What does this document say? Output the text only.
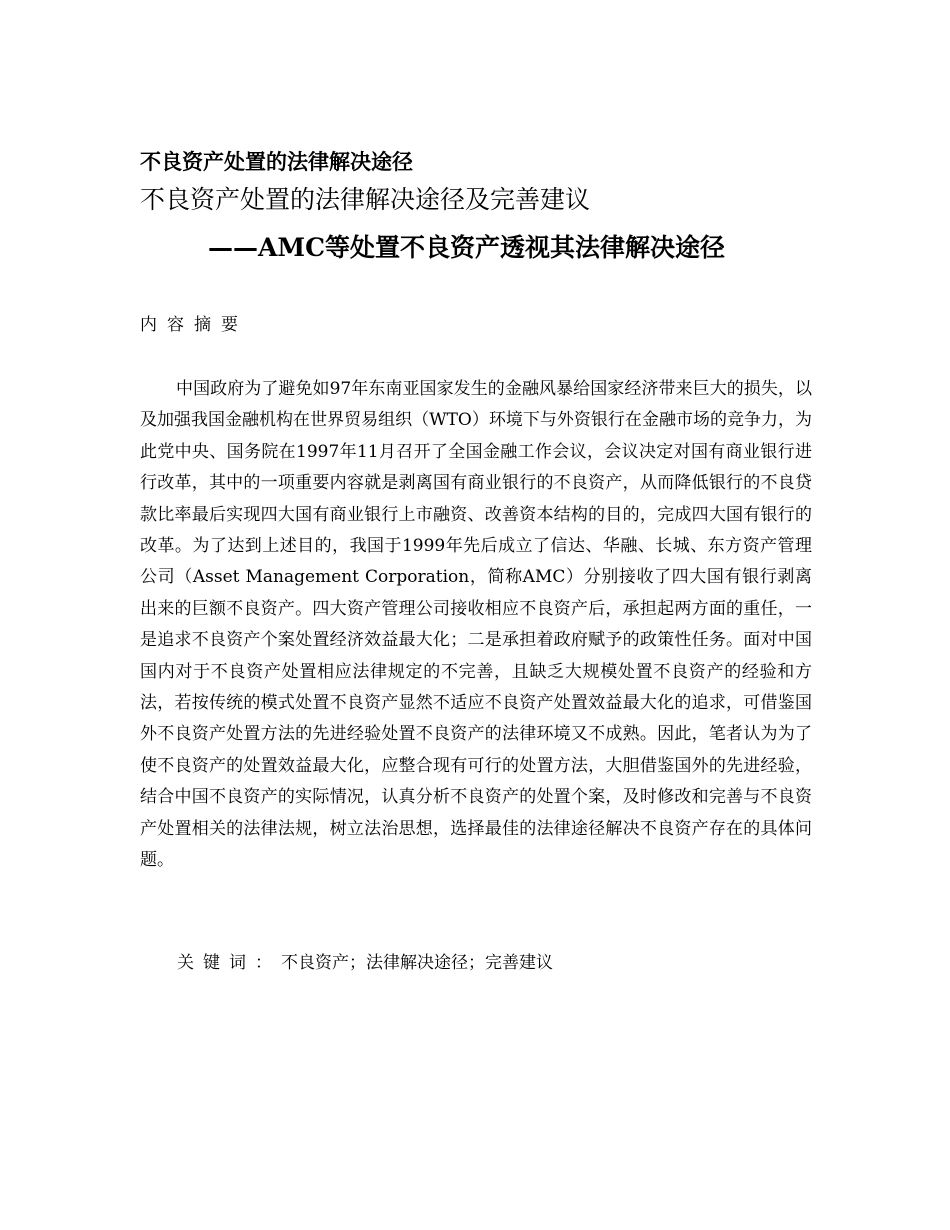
不良资产处置的法律解决途径
不良资产处置的法律解决途径及完善建议
——AMC等处置不良资产透视其法律解决途径
内容摘要
中国政府为了避免如97年东南亚国家发生的金融风暴给国家经济带来巨大的损失，以及加强我国金融机构在世界贸易组织（WTO）环境下与外资银行在金融市场的竞争力，为此党中央、国务院在1997年11月召开了全国金融工作会议，会议决定对国有商业银行进行改革，其中的一项重要内容就是剥离国有商业银行的不良资产，从而降低银行的不良贷款比率最后实现四大国有商业银行上市融资、改善资本结构的目的，完成四大国有银行的改革。为了达到上述目的，我国于1999年先后成立了信达、华融、长城、东方资产管理公司（Asset Management Corporation，简称AMC）分别接收了四大国有银行剥离出来的巨额不良资产。四大资产管理公司接收相应不良资产后，承担起两方面的重任，一是追求不良资产个案处置经济效益最大化；二是承担着政府赋予的政策性任务。面对中国国内对于不良资产处置相应法律规定的不完善，且缺乏大规模处置不良资产的经验和方法，若按传统的模式处置不良资产显然不适应不良资产处置效益最大化的追求，可借鉴国外不良资产处置方法的先进经验处置不良资产的法律环境又不成熟。因此，笔者认为为了使不良资产的处置效益最大化，应整合现有可行的处置方法，大胆借鉴国外的先进经验，结合中国不良资产的实际情况，认真分析不良资产的处置个案，及时修改和完善与不良资产处置相关的法律法规，树立法治思想，选择最佳的法律途径解决不良资产存在的具体问题。
关键词：不良资产；法律解决途径；完善建议
